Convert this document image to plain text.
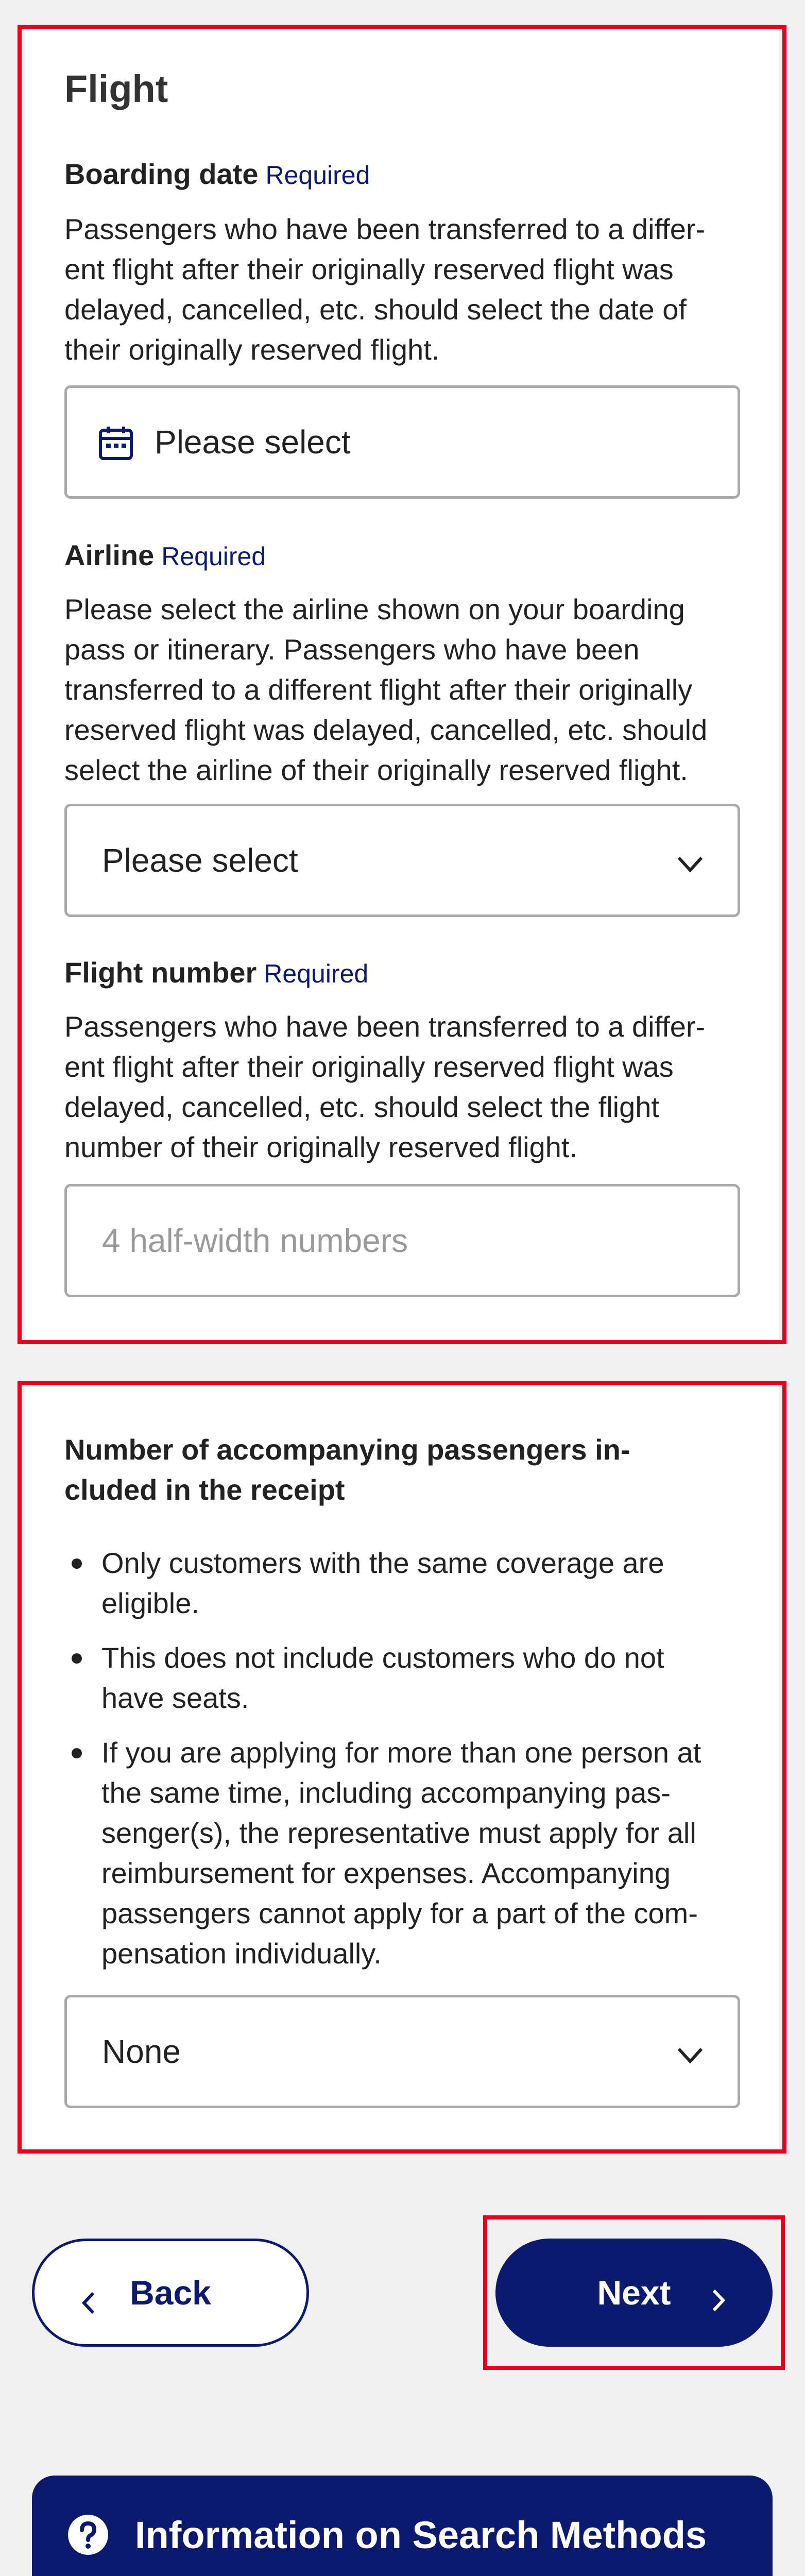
Flight
Boarding date Required
Passengers who have been transferred to a differ-
ent flight after their originally reserved flight was
delayed, cancelled, etc. should select the date of
their originally reserved flight.
Please select
Airline Required
Please select the airline shown on your boarding
pass or itinerary. Passengers who have been
transferred to a different flight after their originally
reserved flight was delayed, cancelled, etc. should
select the airline of their originally reserved flight.
Please select
Flight number Required
Passengers who have been transferred to a differ-
ent flight after their originally reserved flight was
delayed, cancelled, etc. should select the flight
number of their originally reserved flight.
4 half-width numbers
Number of accompanying passengers in-
cluded in the receipt
Only customers with the same coverage are
eligible.
This does not include customers who do not
have seats.
If you are applying for more than one person at
the same time, including accompanying pas-
senger(s), the representative must apply for all
reimbursement for expenses. Accompanying
passengers cannot apply for a part of the com-
pensation individually.
None
Back	Next
Information on Search Methods
